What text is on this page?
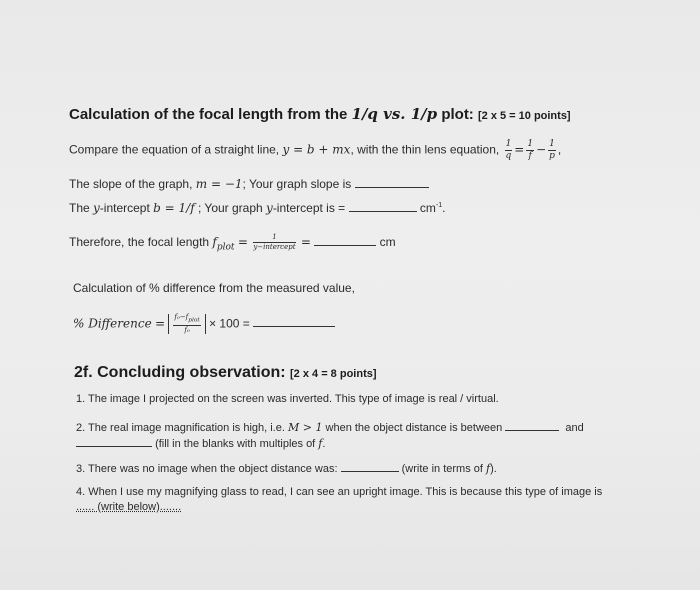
Calculation of the focal length from the 1/q vs. 1/p plot: [2 x 5 = 10 points]
Compare the equation of a straight line, y = b + mx, with the thin lens equation, $\frac{1}{q} = \frac{1}{f} - \frac{1}{p}$ ,
The slope of the graph, m = −1; Your graph slope is
The y-intercept b = 1/f ; Your graph y-intercept is =	$cm^{-1}$.
Therefore, the focal length $f_{plot} = \frac{1}{\text{y−intercept}}$ =	cm
Calculation of % difference from the measured value,
% Difference = $\frac{f_0-f_{plot}}{\text{f₀}} \times 100$ =
2f. Concluding observation: [2 x 4 = 8 points]
1. The image I projected on the screen was inverted. This type of image is real / virtual.
2. The real image magnification is high, i.e. M > 1 when the object distance is between	and
(fill in the blanks with multiples of f.
3. There was no image when the object distance was:	(write in terms of f).
4. When I use my magnifying glass to read, I can see an upright image. This is because this type of image is
...... (write below).......
